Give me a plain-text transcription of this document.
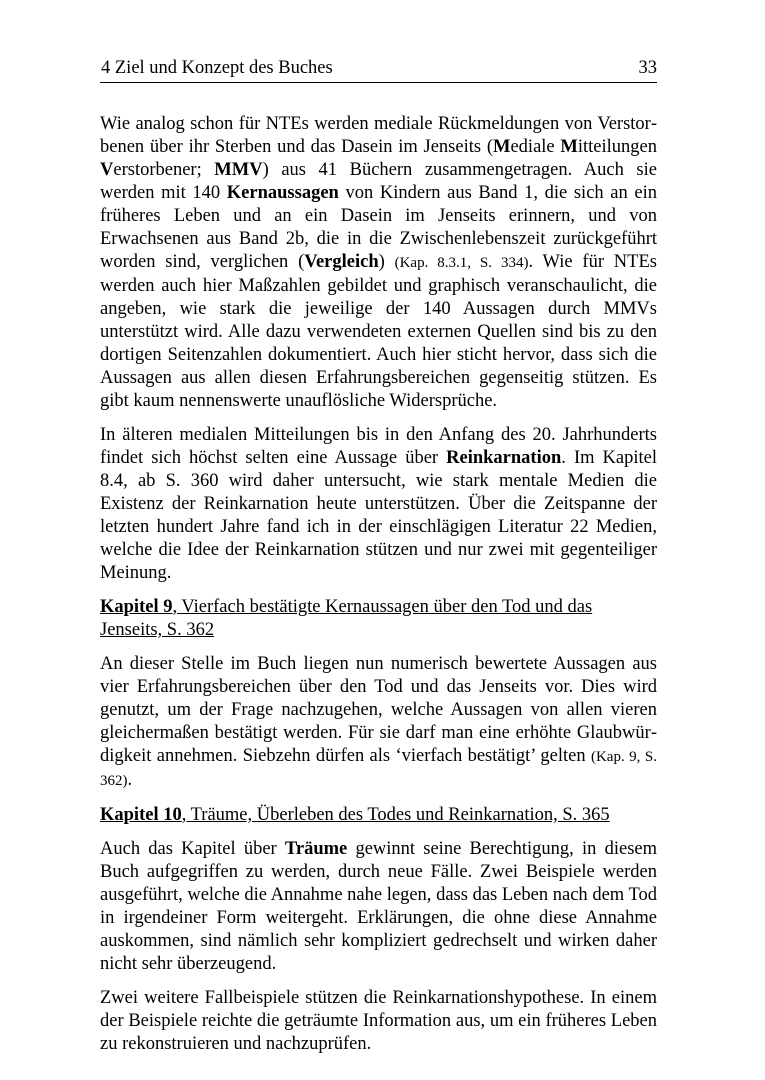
4 Ziel und Konzept des Buches	33

Wie analog schon für NTEs werden mediale Rückmeldungen von Verstorbenen über ihr Sterben und das Dasein im Jenseits (Mediale Mitteilungen Verstorbener; MMV) aus 41 Büchern zusammengetragen. Auch sie werden mit 140 Kernaussagen von Kindern aus Band 1, die sich an ein früheres Leben und an ein Dasein im Jenseits erinnern, und von Erwachsenen aus Band 2b, die in die Zwischenlebenszeit zurückgeführt worden sind, verglichen (Vergleich) (Kap. 8.3.1, S. 334). Wie für NTEs werden auch hier Maßzahlen gebildet und graphisch veranschaulicht, die angeben, wie stark die jeweilige der 140 Aussagen durch MMVs unterstützt wird. Alle dazu verwendeten externen Quellen sind bis zu den dortigen Seitenzahlen dokumentiert. Auch hier sticht hervor, dass sich die Aussagen aus allen diesen Erfahrungsbereichen gegenseitig stützen. Es gibt kaum nennenswerte unauflösliche Widersprüche.

In älteren medialen Mitteilungen bis in den Anfang des 20. Jahrhunderts findet sich höchst selten eine Aussage über Reinkarnation. Im Kapitel 8.4, ab S. 360 wird daher untersucht, wie stark mentale Medien die Existenz der Reinkarnation heute unterstützen. Über die Zeitspanne der letzten hundert Jahre fand ich in der einschlägigen Literatur 22 Medien, welche die Idee der Reinkarnation stützen und nur zwei mit gegenteiliger Meinung.

Kapitel 9, Vierfach bestätigte Kernaussagen über den Tod und das Jenseits, S. 362

An dieser Stelle im Buch liegen nun numerisch bewertete Aussagen aus vier Erfahrungsbereichen über den Tod und das Jenseits vor. Dies wird genutzt, um der Frage nachzugehen, welche Aussagen von allen vieren gleichermaßen bestätigt werden. Für sie darf man eine erhöhte Glaubwürdigkeit annehmen. Siebzehn dürfen als ‘vierfach bestätigt’ gelten (Kap. 9, S. 362).

Kapitel 10, Träume, Überleben des Todes und Reinkarnation, S. 365

Auch das Kapitel über Träume gewinnt seine Berechtigung, in diesem Buch aufgegriffen zu werden, durch neue Fälle. Zwei Beispiele werden ausgeführt, welche die Annahme nahe legen, dass das Leben nach dem Tod in irgendeiner Form weitergeht. Erklärungen, die ohne diese Annahme auskommen, sind nämlich sehr kompliziert gedrechselt und wirken daher nicht sehr überzeugend.

Zwei weitere Fallbeispiele stützen die Reinkarnationshypothese. In einem der Beispiele reichte die geträumte Information aus, um ein früheres Leben zu rekonstruieren und nachzuprüfen.
